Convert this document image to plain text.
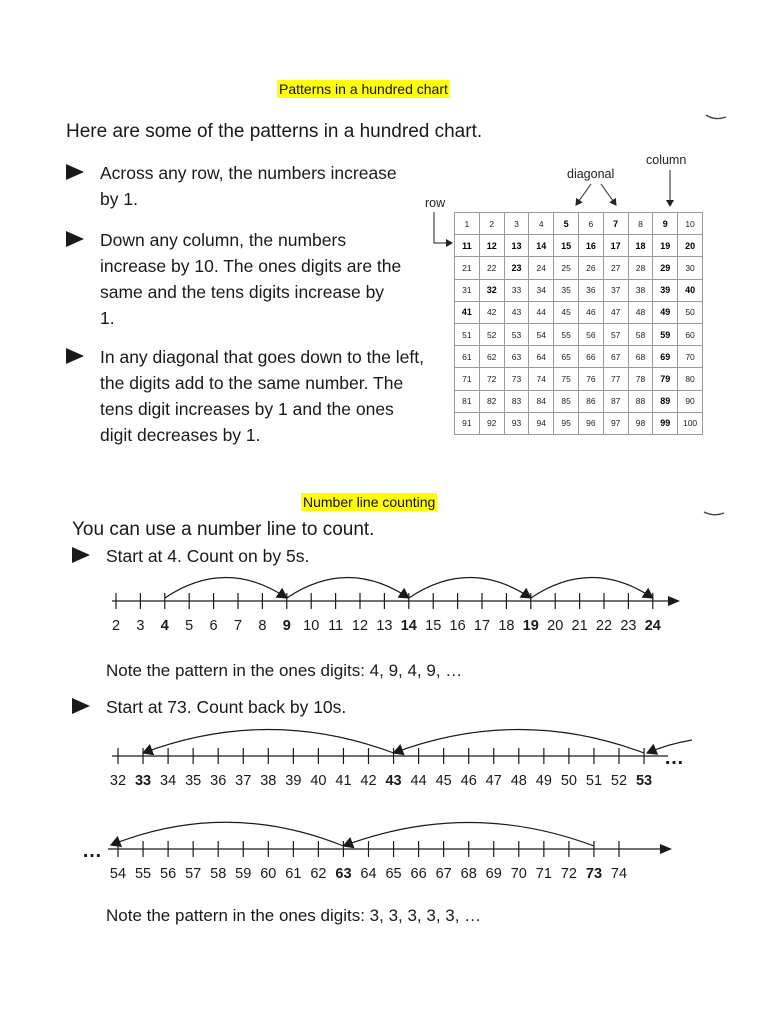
Patterns in a hundred chart
Here are some of the patterns in a hundred chart.
Across any row, the numbers increase by 1.
Down any column, the numbers increase by 10. The ones digits are the same and the tens digits increase by 1.
In any diagonal that goes down to the left, the digits add to the same number. The tens digit increases by 1 and the ones digit decreases by 1.
row
diagonal
column
1	2	3	4	5	6	7	8	9	10
11	12	13	14	15	16	17	18	19	20
21	22	23	24	25	26	27	28	29	30
31	32	33	34	35	36	37	38	39	40
41	42	43	44	45	46	47	48	49	50
51	52	53	54	55	56	57	58	59	60
61	62	63	64	65	66	67	68	69	70
71	72	73	74	75	76	77	78	79	80
81	82	83	84	85	86	87	88	89	90
91	92	93	94	95	96	97	98	99	100
Number line counting
You can use a number line to count.
Start at 4. Count on by 5s.
2 3 4 5 6 7 8 9 10 11 12 13 14 15 16 17 18 19 20 21 22 23 24
Note the pattern in the ones digits: 4, 9, 4, 9, …
Start at 73. Count back by 10s.
32 33 34 35 36 37 38 39 40 41 42 43 44 45 46 47 48 49 50 51 52 53
…
54 55 56 57 58 59 60 61 62 63 64 65 66 67 68 69 70 71 72 73 74
…
Note the pattern in the ones digits: 3, 3, 3, 3, 3, …
